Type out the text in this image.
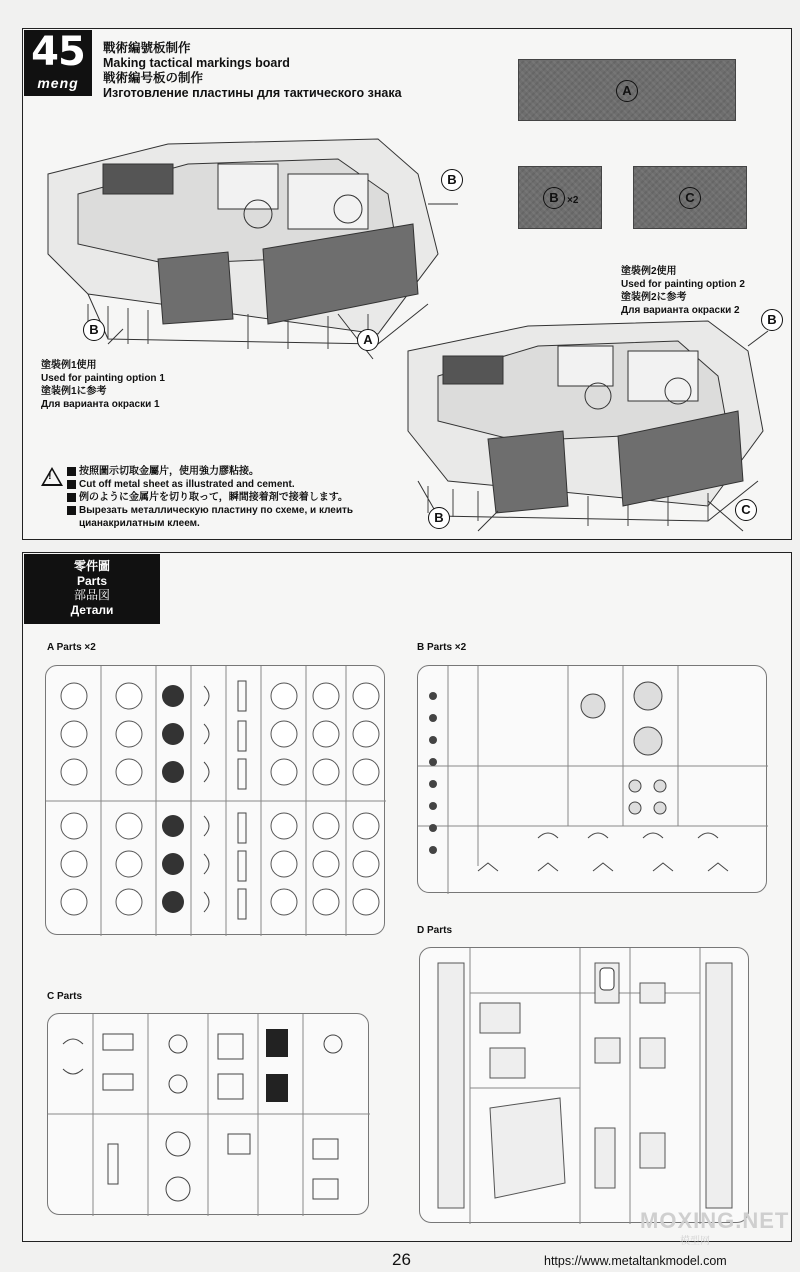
45
meng
戰術編號板制作
Making tactical markings board
戦術編号板の制作
Изготовление пластины для тактического знака	A
B ×2	C
B
B
A
塗裝例1使用
Used for painting option 1
塗装例1に参考
Для варианта окраски 1
B
B
C
塗裝例2使用
Used for painting option 2
塗装例2に参考
Для варианта окраски 2
!	按照圖示切取金屬片，使用強力膠粘接。
Cut off metal sheet as illustrated and cement.
例のように金属片を切り取って，瞬間接着剤で接着します。
Вырезать металлическую пластину по схеме, и клеить
цианакрилатным клеем.
零件圖
Parts
部品図
Детали
A Parts ×2	B Parts ×2
D Parts
C Parts
MOXING.NET
模型网
26	https://www.metaltankmodel.com
